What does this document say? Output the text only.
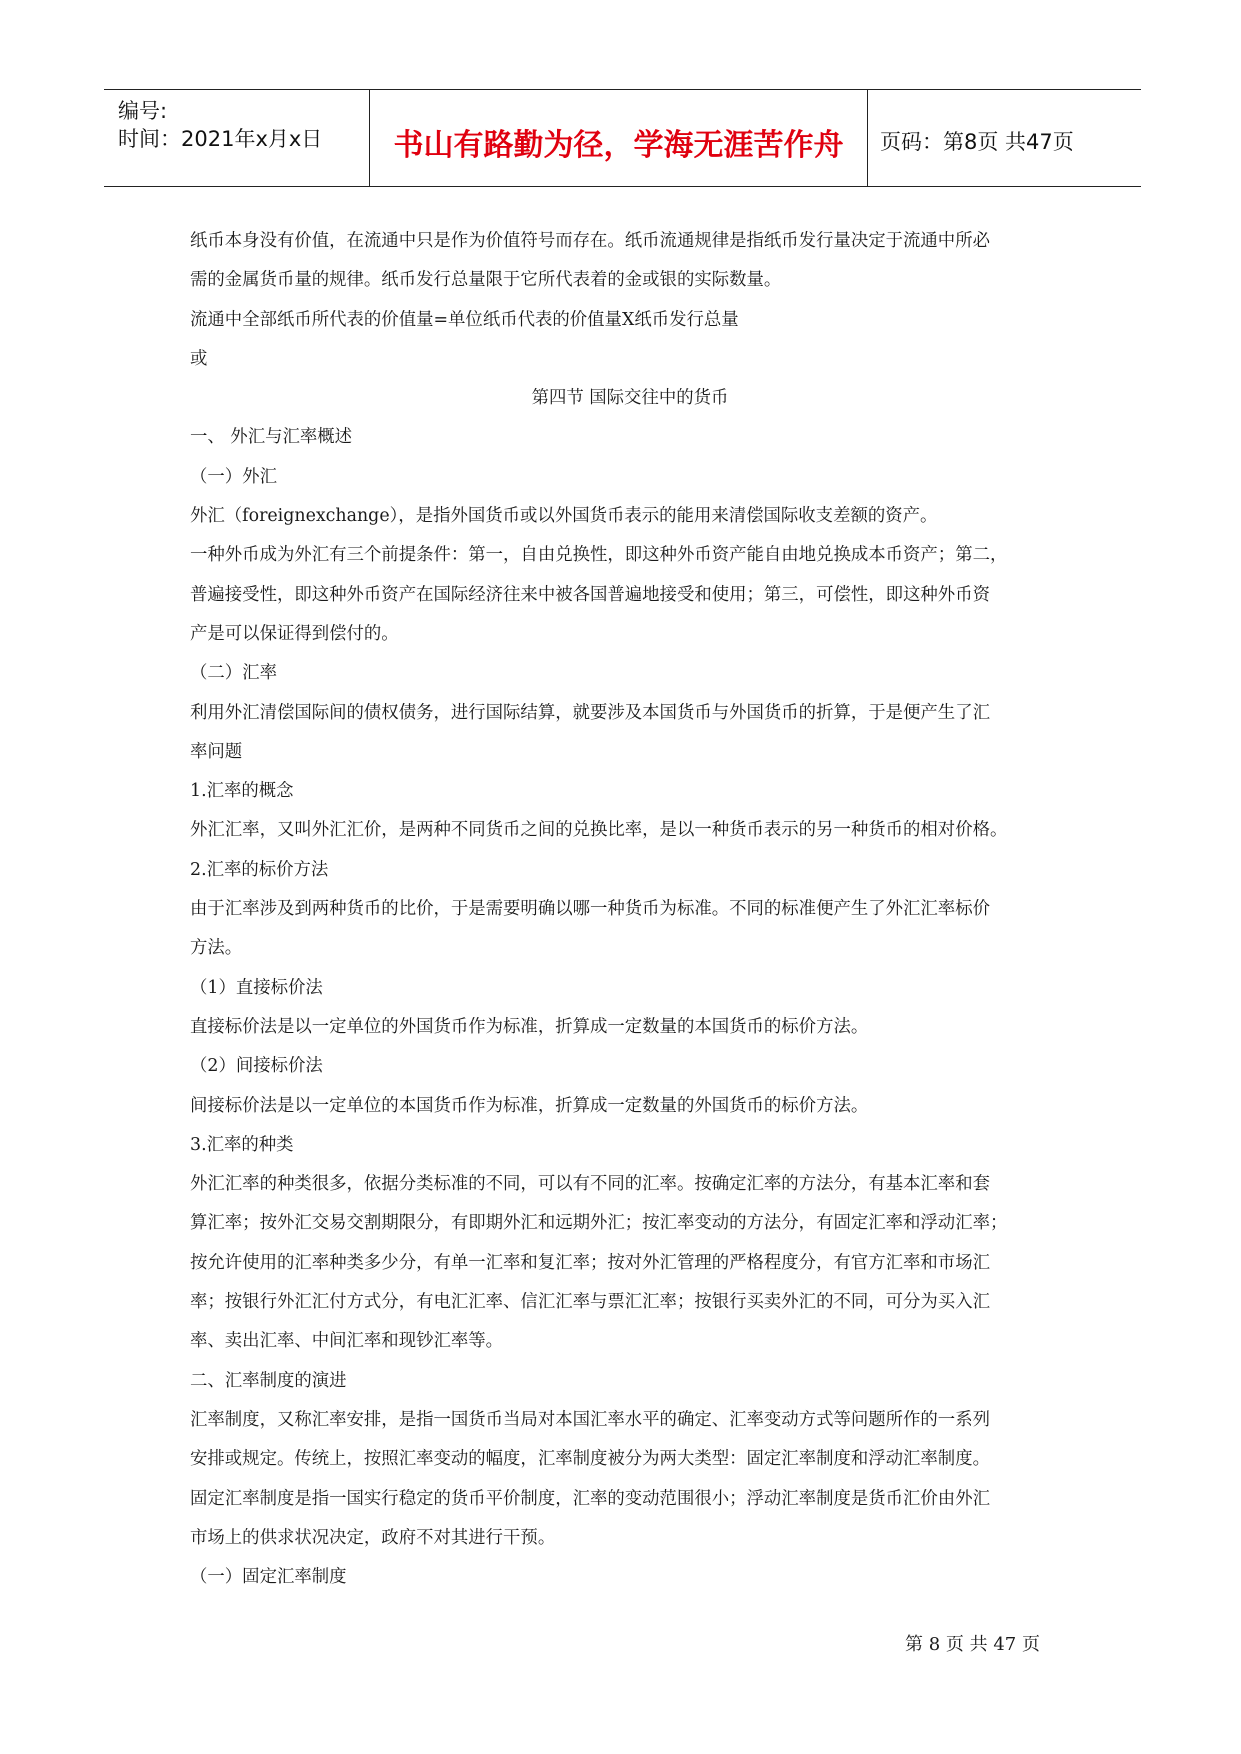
编号:
时间：2021年x月x日	书山有路勤为径，学海无涯苦作舟	页码：第8页 共47页

纸币本身没有价值，在流通中只是作为价值符号而存在。纸币流通规律是指纸币发行量决定于流通中所必

需的金属货币量的规律。纸币发行总量限于它所代表着的金或银的实际数量。

流通中全部纸币所代表的价值量=单位纸币代表的价值量X纸币发行总量

或

第四节 国际交往中的货币

一、 外汇与汇率概述

（一）外汇

外汇（foreignexchange），是指外国货币或以外国货币表示的能用来清偿国际收支差额的资产。

一种外币成为外汇有三个前提条件：第一，自由兑换性，即这种外币资产能自由地兑换成本币资产；第二，

普遍接受性，即这种外币资产在国际经济往来中被各国普遍地接受和使用；第三，可偿性，即这种外币资

产是可以保证得到偿付的。

（二）汇率

利用外汇清偿国际间的债权债务，进行国际结算，就要涉及本国货币与外国货币的折算，于是便产生了汇

率问题

1.汇率的概念

外汇汇率，又叫外汇汇价，是两种不同货币之间的兑换比率，是以一种货币表示的另一种货币的相对价格。

2.汇率的标价方法

由于汇率涉及到两种货币的比价，于是需要明确以哪一种货币为标准。不同的标准便产生了外汇汇率标价

方法。

（1）直接标价法

直接标价法是以一定单位的外国货币作为标准，折算成一定数量的本国货币的标价方法。

（2）间接标价法

间接标价法是以一定单位的本国货币作为标准，折算成一定数量的外国货币的标价方法。

3.汇率的种类

外汇汇率的种类很多，依据分类标准的不同，可以有不同的汇率。按确定汇率的方法分，有基本汇率和套

算汇率；按外汇交易交割期限分，有即期外汇和远期外汇；按汇率变动的方法分，有固定汇率和浮动汇率；

按允许使用的汇率种类多少分，有单一汇率和复汇率；按对外汇管理的严格程度分，有官方汇率和市场汇

率；按银行外汇汇付方式分，有电汇汇率、信汇汇率与票汇汇率；按银行买卖外汇的不同，可分为买入汇

率、卖出汇率、中间汇率和现钞汇率等。

二、汇率制度的演进

汇率制度，又称汇率安排，是指一国货币当局对本国汇率水平的确定、汇率变动方式等问题所作的一系列

安排或规定。传统上，按照汇率变动的幅度，汇率制度被分为两大类型：固定汇率制度和浮动汇率制度。

固定汇率制度是指一国实行稳定的货币平价制度，汇率的变动范围很小；浮动汇率制度是货币汇价由外汇

市场上的供求状况决定，政府不对其进行干预。

（一）固定汇率制度

第 8 页 共 47 页
